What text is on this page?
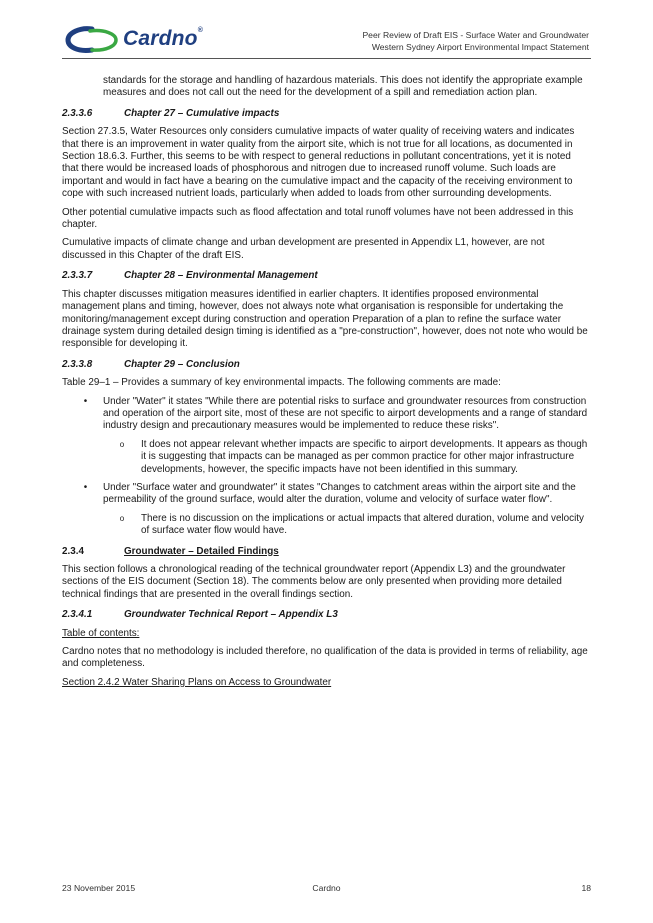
Cardno®	Peer Review of Draft EIS - Surface Water and Groundwater
Western Sydney Airport Environmental Impact Statement

standards for the storage and handling of hazardous materials. This does not identify the appropriate example measures and does not call out the need for the development of a spill and remediation action plan.

2.3.3.6	Chapter 27 – Cumulative impacts

Section 27.3.5, Water Resources only considers cumulative impacts of water quality of receiving waters and indicates that there is an improvement in water quality from the airport site, which is not true for all locations, as documented in Section 18.6.3. Further, this seems to be with respect to general reductions in pollutant concentrations, yet it is noted that there would be increased loads of phosphorous and nitrogen due to increased runoff volume. Such loads are important and would in fact have a bearing on the cumulative impact and the capacity of the receiving environment to cope with such increased nutrient loads, particularly when added to loads from other surrounding developments.

Other potential cumulative impacts such as flood affectation and total runoff volumes have not been addressed in this chapter.

Cumulative impacts of climate change and urban development are presented in Appendix L1, however, are not discussed in this Chapter of the draft EIS.

2.3.3.7	Chapter 28 – Environmental Management

This chapter discusses mitigation measures identified in earlier chapters. It identifies proposed environmental management plans and timing, however, does not always note what organisation is responsible for undertaking the monitoring/management except during construction and operation Preparation of a plan to refine the surface water drainage system during detailed design timing is identified as a "pre-construction", however, does not note who would be responsible for developing it.

2.3.3.8	Chapter 29 – Conclusion

Table 29–1 – Provides a summary of key environmental impacts. The following comments are made:

•	Under "Water" it states "While there are potential risks to surface and groundwater resources from construction and operation of the airport site, most of these are not specific to airport developments and a range of standard industry design and precautionary measures would be implemented to reduce these risks".
o	It does not appear relevant whether impacts are specific to airport developments. It appears as though it is suggesting that impacts can be managed as per common practice for other major infrastructure developments, however, the specific impacts have not been identified in this summary.
•	Under "Surface water and groundwater" it states "Changes to catchment areas within the airport site and the permeability of the ground surface, would alter the duration, volume and velocity of surface water flow".
o	There is no discussion on the implications or actual impacts that altered duration, volume and velocity of surface water flow would have.
2.3.4	Groundwater – Detailed Findings

This section follows a chronological reading of the technical groundwater report (Appendix L3) and the groundwater sections of the EIS document (Section 18). The comments below are only presented when providing more detailed technical findings that are presented in the overall findings section.

2.3.4.1	Groundwater Technical Report – Appendix L3

Table of contents:

Cardno notes that no methodology is included therefore, no qualification of the data is provided in terms of reliability, age and completeness.

Section 2.4.2 Water Sharing Plans on Access to Groundwater

23 November 2015	Cardno	18
